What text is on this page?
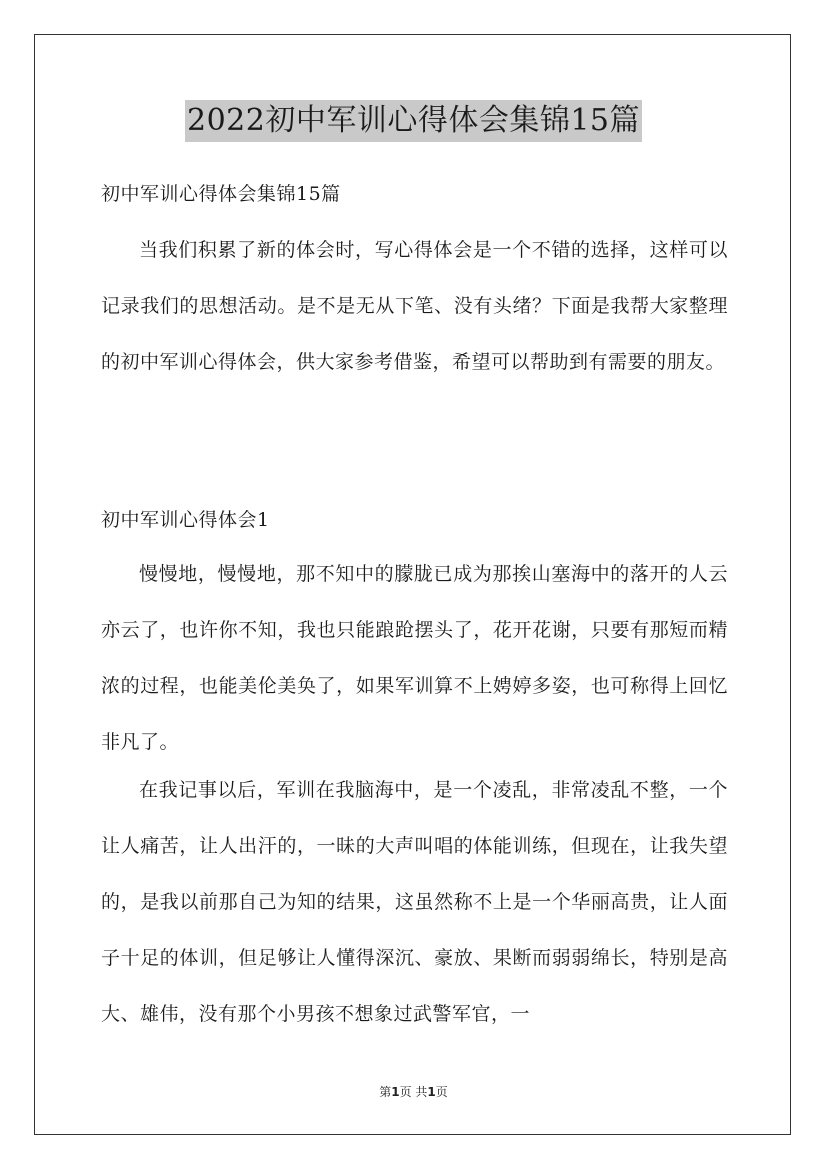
2022初中军训心得体会集锦15篇

初中军训心得体会集锦15篇

当我们积累了新的体会时，写心得体会是一个不错的选择，这样可以记录我们的思想活动。是不是无从下笔、没有头绪？下面是我帮大家整理的初中军训心得体会，供大家参考借鉴，希望可以帮助到有需要的朋友。

初中军训心得体会1

慢慢地，慢慢地，那不知中的朦胧已成为那挨山塞海中的落开的人云亦云了，也许你不知，我也只能踉跄摆头了，花开花谢，只要有那短而精浓的过程，也能美伦美奂了，如果军训算不上娉婷多姿，也可称得上回忆非凡了。

在我记事以后，军训在我脑海中，是一个凌乱，非常凌乱不整，一个让人痛苦，让人出汗的，一昧的大声叫唱的体能训练，但现在，让我失望的，是我以前那自己为知的结果，这虽然称不上是一个华丽高贵，让人面子十足的体训，但足够让人懂得深沉、豪放、果断而弱弱绵长，特别是高大、雄伟，没有那个小男孩不想象过武警军官，一

第1页 共1页
